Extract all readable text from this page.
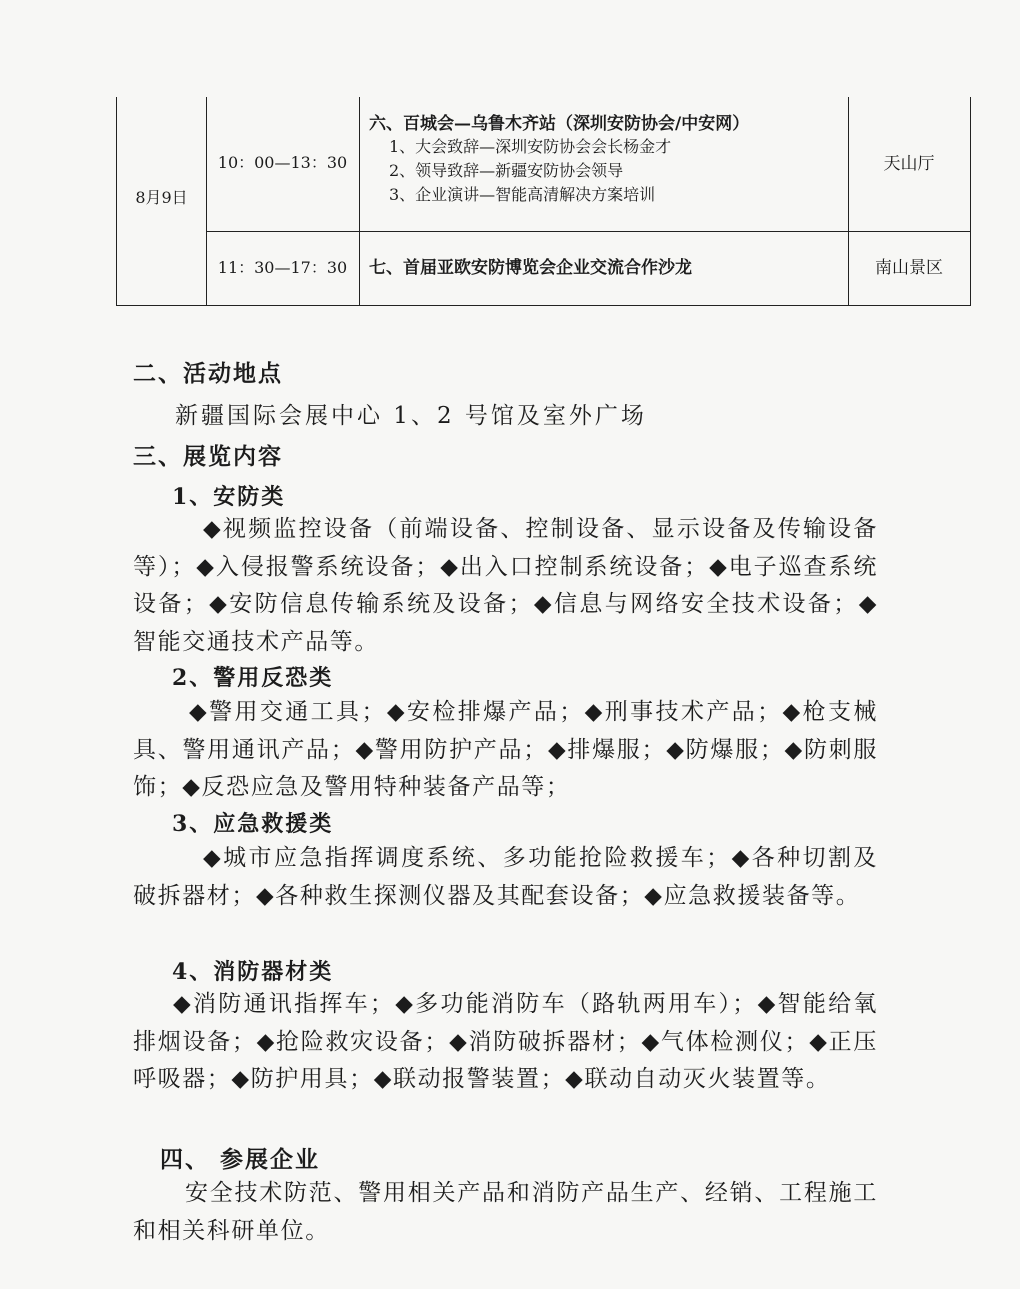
8月9日
10：00—13：30
六、百城会—乌鲁木齐站（深圳安防协会/中安网）
1、大会致辞—深圳安防协会会长杨金才
2、领导致辞—新疆安防协会领导
3、企业演讲—智能高清解决方案培训
天山厅
11：30—17：30	七、首届亚欧安防博览会企业交流合作沙龙	南山景区
二、活动地点
新疆国际会展中心 1、2 号馆及室外广场
三、展览内容
1、安防类
◆视频监控设备（前端设备、控制设备、显示设备及传输设备等）；◆入侵报警系统设备；◆出入口控制系统设备；◆电子巡查系统设备；◆安防信息传输系统及设备；◆信息与网络安全技术设备；◆智能交通技术产品等。
2、警用反恐类
◆警用交通工具；◆安检排爆产品；◆刑事技术产品；◆枪支械具、警用通讯产品；◆警用防护产品；◆排爆服；◆防爆服；◆防刺服饰；◆反恐应急及警用特种装备产品等；
3、应急救援类
◆城市应急指挥调度系统、多功能抢险救援车；◆各种切割及破拆器材；◆各种救生探测仪器及其配套设备；◆应急救援装备等。
4、消防器材类
◆消防通讯指挥车；◆多功能消防车（路轨两用车）；◆智能给氧排烟设备；◆抢险救灾设备；◆消防破拆器材；◆气体检测仪；◆正压呼吸器；◆防护用具；◆联动报警装置；◆联动自动灭火装置等。
四、 参展企业
安全技术防范、警用相关产品和消防产品生产、经销、工程施工和相关科研单位。
